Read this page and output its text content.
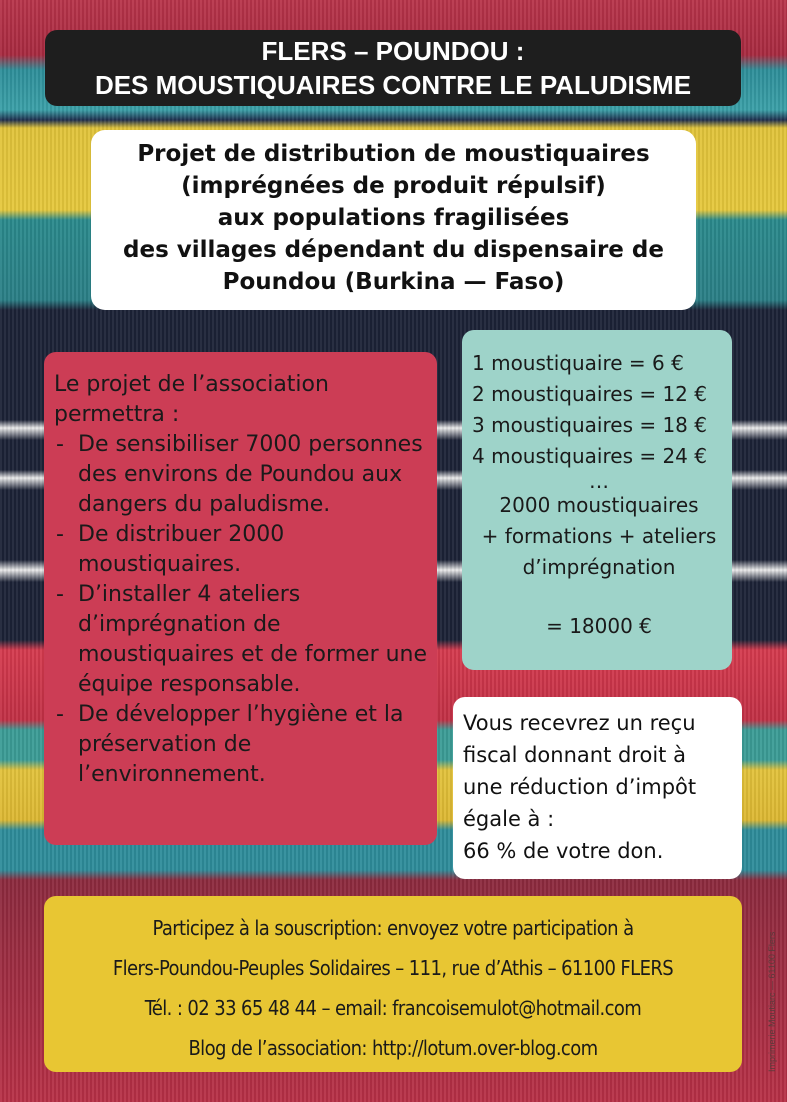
FLERS – POUNDOU :
DES MOUSTIQUAIRES CONTRE LE PALUDISME
Projet de distribution de moustiquaires
(imprégnées de produit répulsif)
aux populations fragilisées
des villages dépendant du dispensaire de
Poundou (Burkina — Faso)
Le projet de l’association permettra :
- De sensibiliser 7000 personnes des environs de Poundou aux dangers du paludisme.
- De distribuer 2000 moustiquaires.
- D’installer 4 ateliers d’imprégnation de moustiquaires et de former une équipe responsable.
- De développer l’hygiène et la préservation de l’environnement.
1 moustiquaire = 6 €
2 moustiquaires = 12 €
3 moustiquaires = 18 €
4 moustiquaires = 24 €
…
2000 moustiquaires
+ formations + ateliers
d’imprégnation
= 18000 €
Vous recevrez un reçu
fiscal donnant droit à
une réduction d’impôt
égale à :
66 % de votre don.
Participez à la souscription: envoyez votre participation à
Flers-Poundou-Peuples Solidaires – 111, rue d’Athis – 61100 FLERS
Tél. : 02 33 65 48 44 – email: francoisemulot@hotmail.com
Blog de l’association: http://lotum.over-blog.com	Imprimerie Moutiarc — 61100 Flers
